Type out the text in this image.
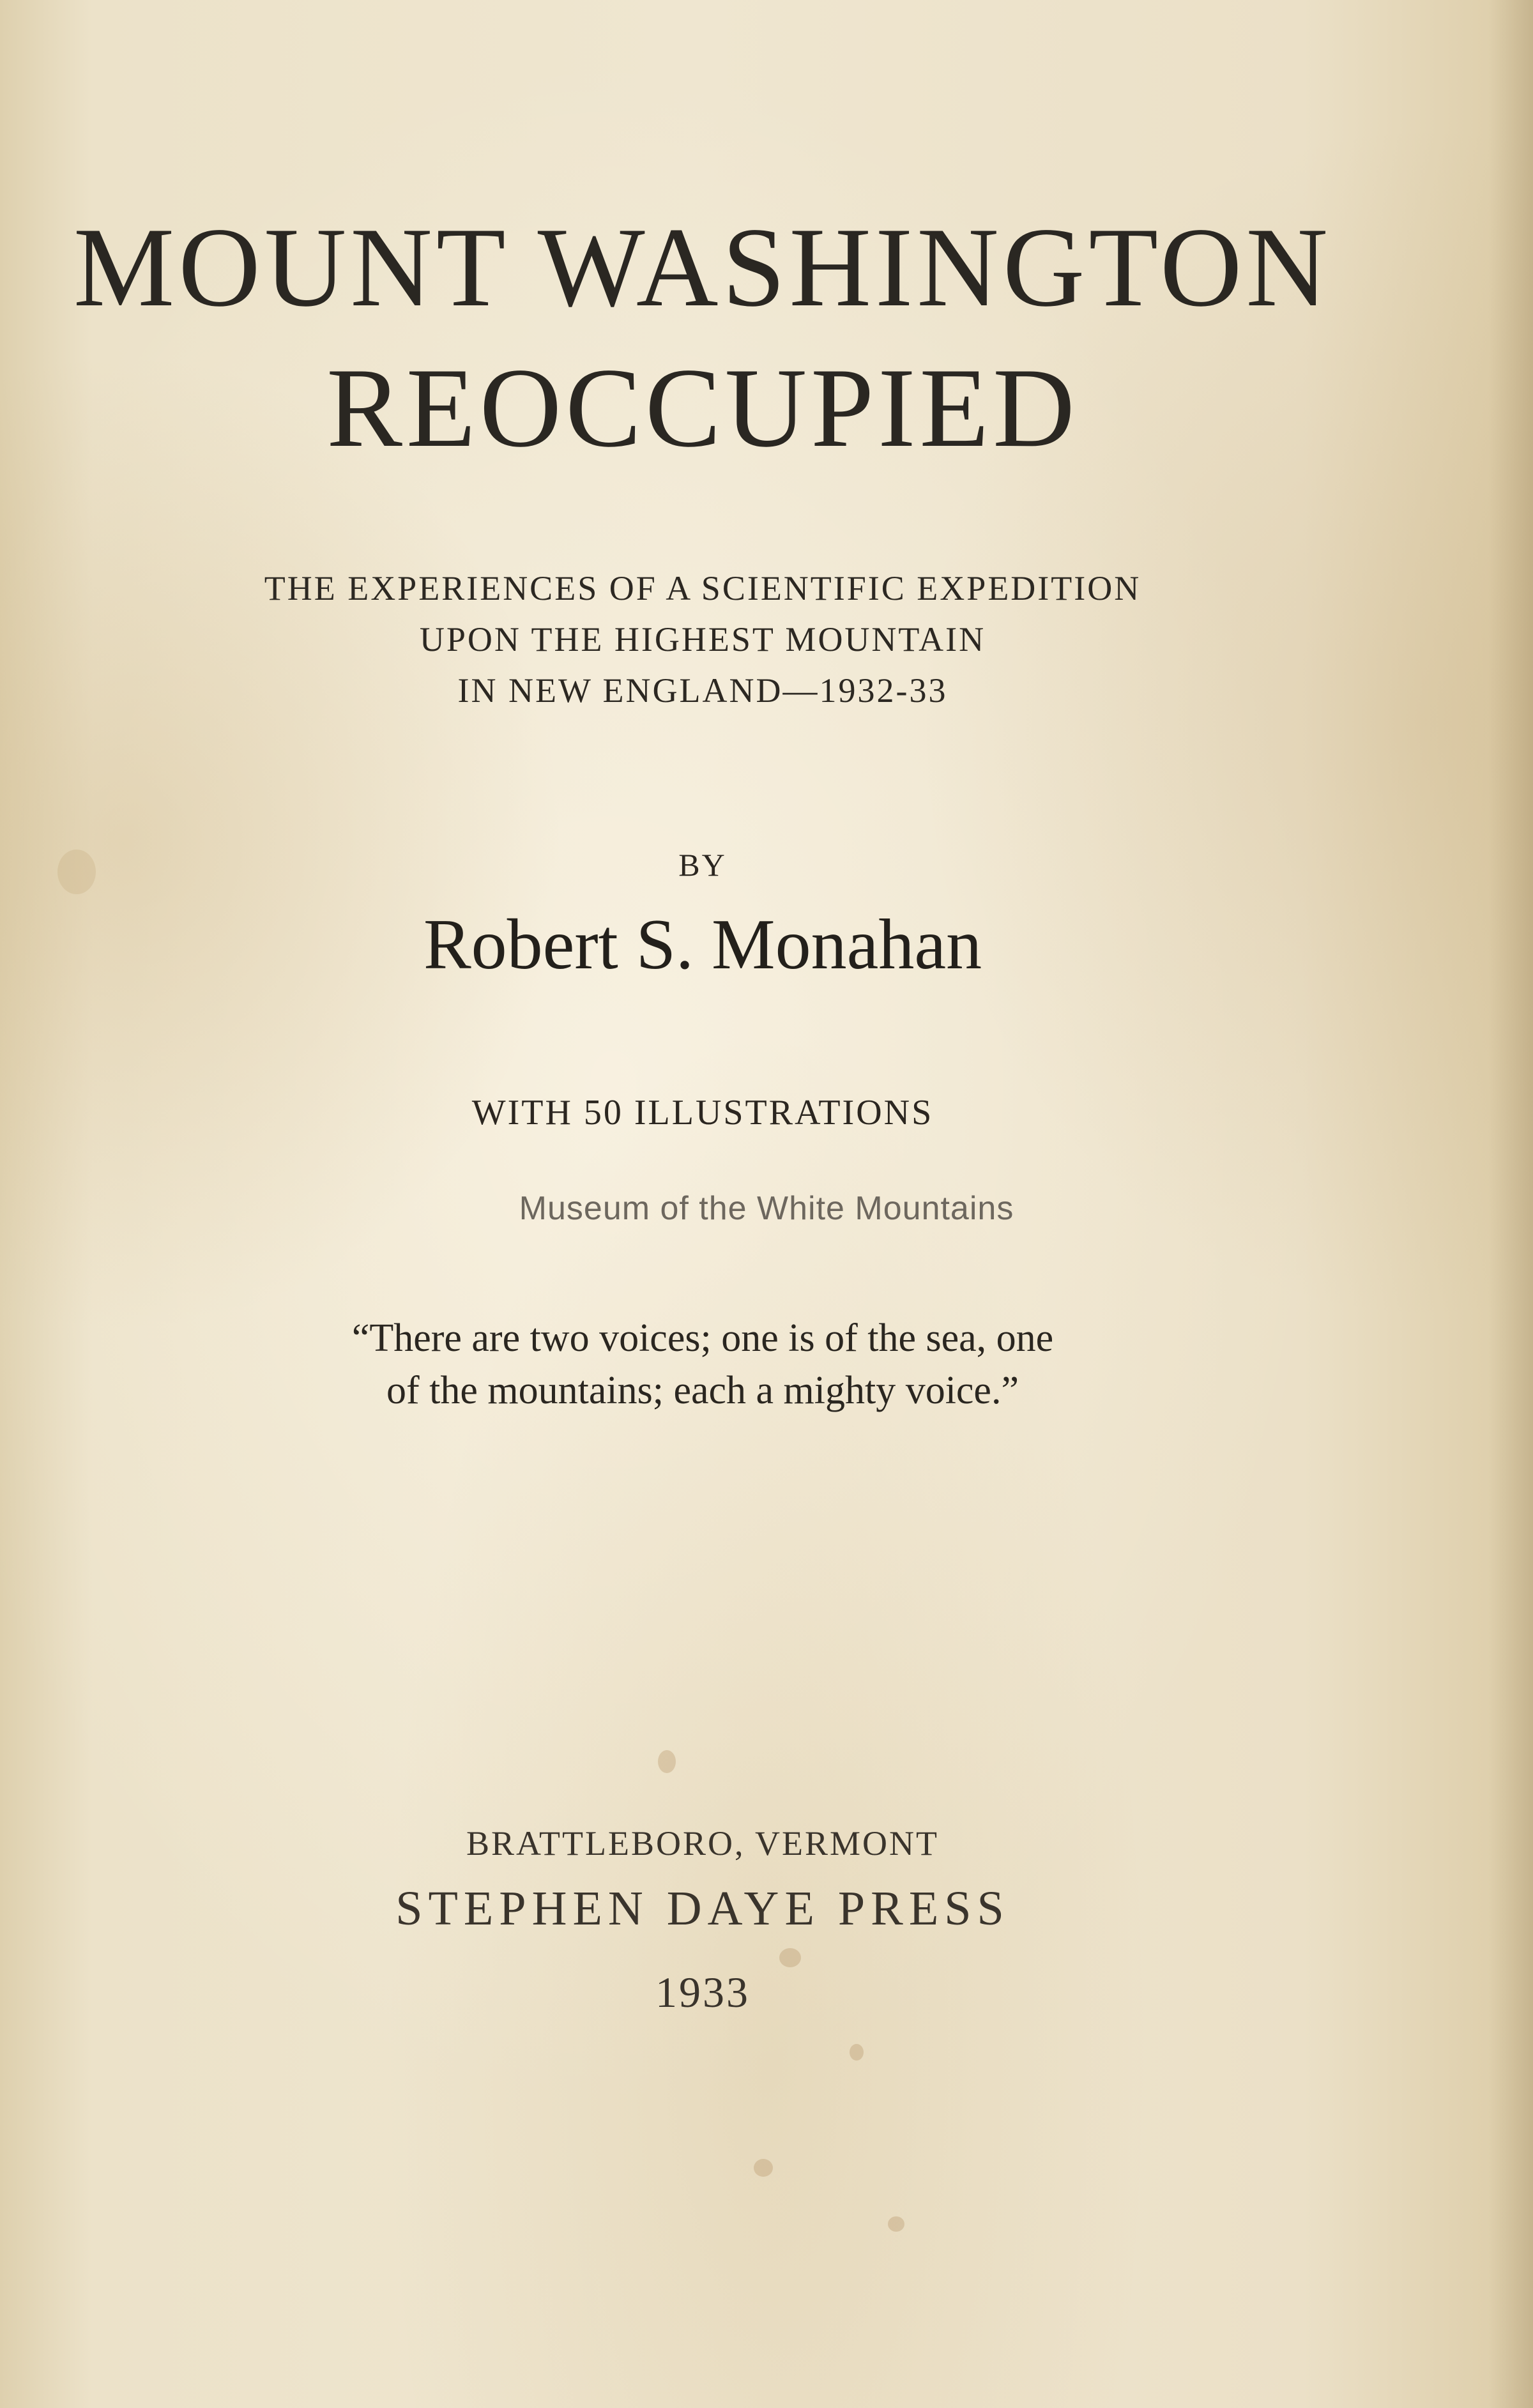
MOUNT WASHINGTON
REOCCUPIED
THE EXPERIENCES OF A SCIENTIFIC EXPEDITION
UPON THE HIGHEST MOUNTAIN
IN NEW ENGLAND—1932-33
BY
Robert S. Monahan
WITH 50 ILLUSTRATIONS
Museum of the White Mountains
“There are two voices; one is of the sea, one
of the mountains; each a mighty voice.”
BRATTLEBORO, VERMONT
STEPHEN DAYE PRESS
1933
